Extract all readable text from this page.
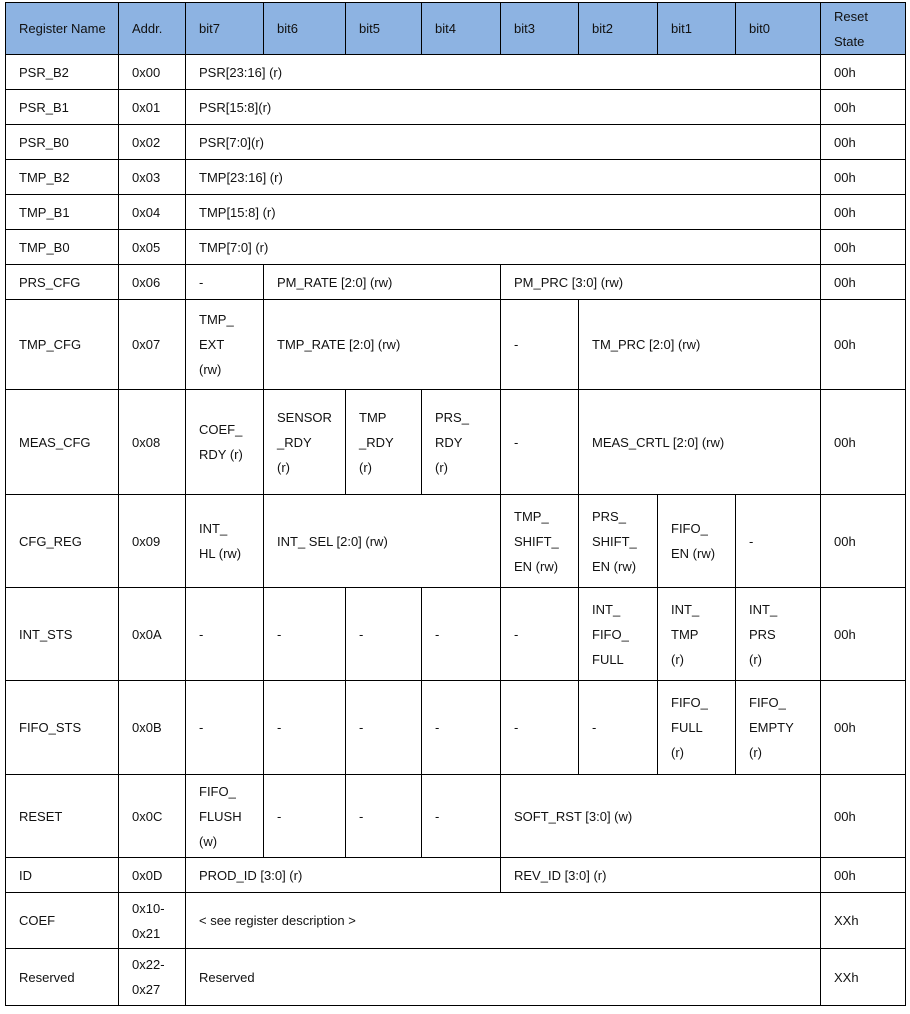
Register Name	Addr.	bit7	bit6	bit5	bit4	bit3	bit2	bit1	bit0	Reset
State
PSR_B2	0x00	PSR[23:16] (r)								00h
PSR_B1	0x01	PSR[15:8](r)								00h
PSR_B0	0x02	PSR[7:0](r)								00h
TMP_B2	0x03	TMP[23:16] (r)								00h
TMP_B1	0x04	TMP[15:8] (r)								00h
TMP_B0	0x05	TMP[7:0] (r)								00h
PRS_CFG	0x06	-	PM_RATE [2:0] (rw)			PM_PRC [3:0] (rw)				00h
TMP_CFG	0x07	TMP_
EXT
(rw)	TMP_RATE [2:0] (rw)			-	TM_PRC [2:0] (rw)			00h
MEAS_CFG	0x08	COEF_
RDY (r)	SENSOR
_RDY
(r)	TMP
_RDY
(r)	PRS_
RDY
(r)	-	MEAS_CRTL [2:0] (rw)			00h
CFG_REG	0x09	INT_
HL (rw)	INT_ SEL [2:0] (rw)			TMP_
SHIFT_
EN (rw)	PRS_
SHIFT_
EN (rw)	FIFO_
EN (rw)	-	00h
INT_STS	0x0A	-	-	-	-	-	INT_
FIFO_
FULL	INT_
TMP
(r)	INT_
PRS
(r)	00h
FIFO_STS	0x0B	-	-	-	-	-	-	FIFO_
FULL
(r)	FIFO_
EMPTY
(r)	00h
RESET	0x0C	FIFO_
FLUSH
(w)	-	-	-	SOFT_RST [3:0] (w)				00h
ID	0x0D	PROD_ID [3:0] (r)				REV_ID [3:0] (r)				00h
COEF	0x10-
0x21	< see register description >								XXh
Reserved	0x22-
0x27	Reserved								XXh
